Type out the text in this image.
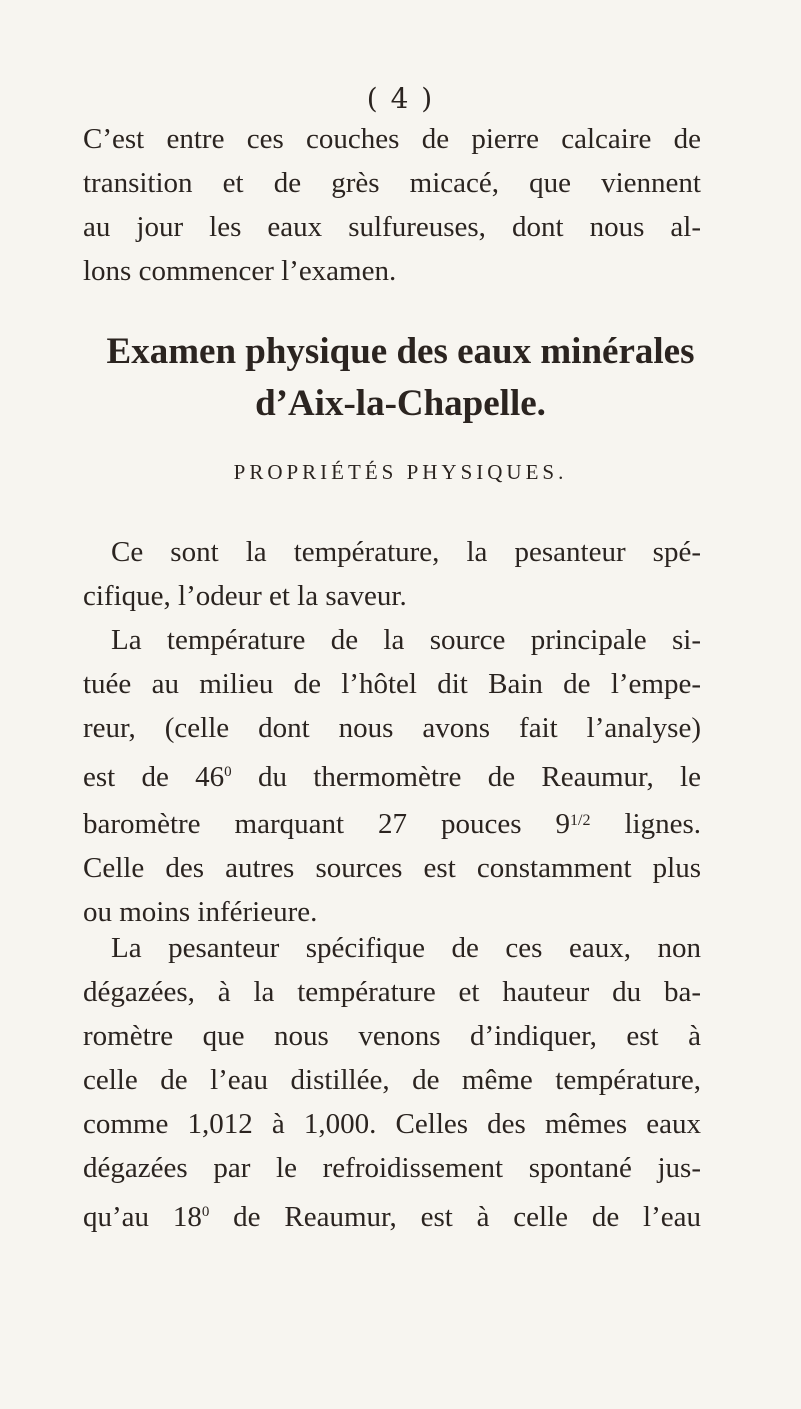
( 4 )

C’est entre ces couches de pierre calcaire de
transition et de grès micacé, que viennent
au jour les eaux sulfureuses, dont nous al-
lons commencer l’examen.

Examen physique des eaux minérales
d’Aix-la-Chapelle.
PROPRIÉTÉS PHYSIQUES.

Ce sont la température, la pesanteur spé-
cifique, l’odeur et la saveur.

La température de la source principale si-
tuée au milieu de l’hôtel dit Bain de l’empe-
reur, (celle dont nous avons fait l’analyse)
est de $46^0$ du thermomètre de Reaumur, le
baromètre marquant 27 pouces $9^{1/2}$ lignes.
Celle des autres sources est constamment plus
ou moins inférieure.

La pesanteur spécifique de ces eaux, non
dégazées, à la température et hauteur du ba-
romètre que nous venons d’indiquer, est à
celle de l’eau distillée, de même température,
comme 1,012 à 1,000. Celles des mêmes eaux
dégazées par le refroidissement spontané jus-
qu’au $18^0$ de Reaumur, est à celle de l’eau
